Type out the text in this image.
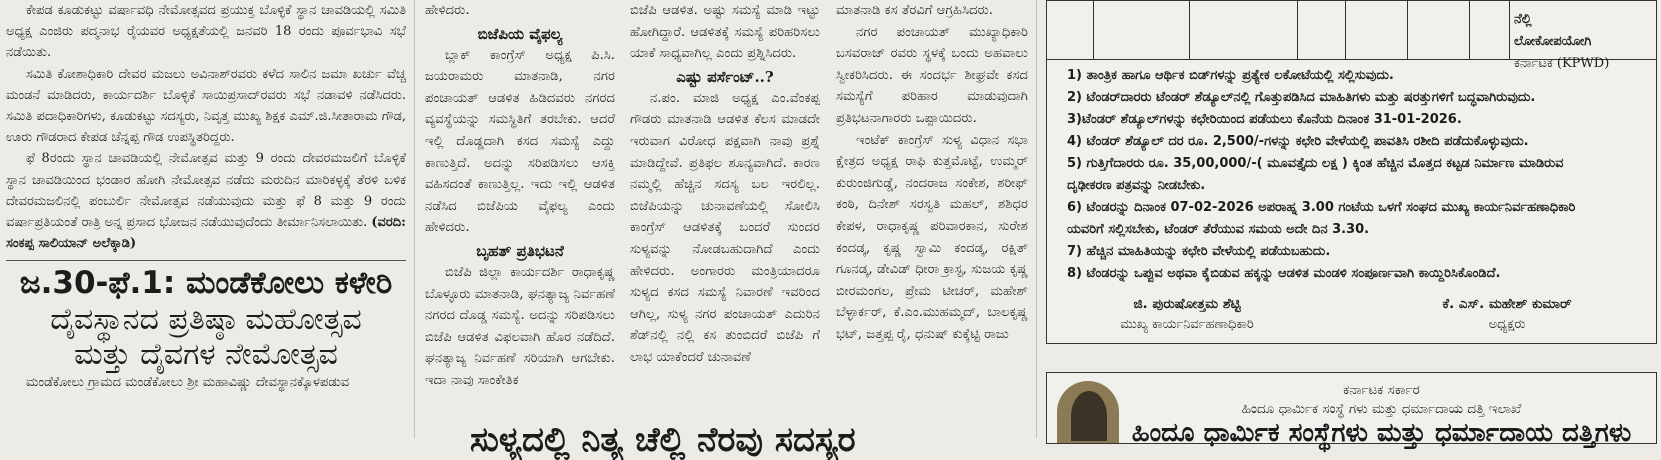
ಕೇಪಡ ಕೂಡುಕಟ್ಟು ವರ್ಷಾವಧಿ ನೇಮೋತ್ಸವದ ಪ್ರಯುಕ್ತ ಬೊಳ್ಳಿಕೆ ಸ್ಥಾನ ಚಾವಡಿಯಲ್ಲಿ ಸಮಿತಿ ಅಧ್ಯಕ್ಷ ಎಂಜಿರು ಪದ್ಮನಾಭ ರೈಯವರ ಅಧ್ಯಕ್ಷತೆಯಲ್ಲಿ ಜನವರಿ 18 ರಂದು ಪೂರ್ವಭಾವಿ ಸಭೆ ನಡೆಯಿತು.

ಸಮಿತಿ ಕೋಶಾಧಿಕಾರಿ ದೇವರ ಮಜಲು ಅವಿನಾಶ್‌ರವರು ಕಳೆದ ಸಾಲಿನ ಜಮಾ ಖರ್ಚು ವೆಚ್ಚ ಮಂಡನೆ ಮಾಡಿದರು, ಕಾರ್ಯದರ್ಶಿ ಬೊಳ್ಳಿಕೆ ಸಾಯಿಪ್ರಸಾದ್‌ರವರು ಸಭೆ ನಡಾವಳಿ ನಡೆಸಿದರು. ಸಮಿತಿ ಪದಾಧಿಕಾರಿಗಳು, ಕೂಡುಕಟ್ಟು ಸದಸ್ಯರು, ನಿವೃತ್ತ ಮುಖ್ಯ ಶಿಕ್ಷಕ ಎಮ್.ಜಿ.ಸೀತಾರಾಮ ಗೌಡ, ಊರು ಗೌಡರಾದ ಕೇಪಡ ಚೆನ್ನಪ್ಪ ಗೌಡ ಉಪಸ್ಥಿತರಿದ್ದರು.

ಫೆ 8ರಂದು ಸ್ಥಾನ ಚಾವಡಿಯಲ್ಲಿ ನೇಮೋತ್ಸವ ಮತ್ತು 9 ರಂದು ದೇವರಮಜಲಿಗೆ ಬೊಳ್ಳಿಕೆ ಸ್ಥಾನ ಚಾವಡಿಯಿಂದ ಭಂಡಾರ ಹೋಗಿ ನೇಮೋತ್ಸವ ನಡೆದು ಮರುದಿನ ಮಾರಿಕಳ್ಳಕ್ಕೆ ತೆರಳಿ ಬಳಿಕ ದೇವರಮಜಲಿನಲ್ಲಿ ಪಂಬುರ್ಲಿ ನೇಮೋತ್ಸವ ನಡೆಯುವುದು ಮತ್ತು ಫೆ 8 ಮತ್ತು 9 ರಂದು ವರ್ಷಾಪ್ರತಿಯಂತೆ ರಾತ್ರಿ ಅನ್ನ ಪ್ರಸಾದ ಭೋಜನ ನಡೆಯುವುದೆಂದು ತೀರ್ಮಾನಿಸಲಾಯಿತು. (ವರದಿ: ಸಂಕಪ್ಪ ಸಾಲಿಯಾನ್ ಅಲೆಕ್ಕಾಡಿ)

ಜ.30-ಫೆ.1: ಮಂಡೆಕೋಲು ಕಳೇರಿ

ದೈವಸ್ಥಾನದ ಪ್ರತಿಷ್ಠಾ ಮಹೋತ್ಸವ

ಮತ್ತು ದೈವಗಳ ನೇಮೋತ್ಸವ

ಮಂಡೆಕೋಲು ಗ್ರಾಮದ ಮಂಡೆಕೋಲು ಶ್ರೀ ಮಹಾವಿಷ್ಣು ದೇವಸ್ಥಾನಕ್ಕೊಳಪಡುವ

ಹೇಳಿದರು.

ಬಿಜೆಪಿಯ ವೈಫಲ್ಯ

ಬ್ಲಾಕ್ ಕಾಂಗ್ರೆಸ್ ಅಧ್ಯಕ್ಷ ಪಿ.ಸಿ. ಜಯರಾಮರು ಮಾತನಾಡಿ, ನಗರ ಪಂಚಾಯತ್ ಆಡಳಿತ ಹಿಡಿದವರು ನಗರದ ವ್ಯವಸ್ಥೆಯನ್ನು ಸಮಸ್ಥಿತಿಗೆ ತರಬೇಕು. ಆದರೆ ಇಲ್ಲಿ ದೊಡ್ಡದಾಗಿ ಕಸದ ಸಮಸ್ಯೆ ಎದ್ದು ಕಾಣುತ್ತಿದೆ. ಅದನ್ನು ಸರಿಪಡಿಸಲು ಆಸಕ್ತಿ ವಹಿಸದಂತೆ ಕಾಣುತ್ತಿಲ್ಲ. ಇದು ಇಲ್ಲಿ ಆಡಳಿತ ನಡೆಸಿದ ಬಿಜೆಪಿಯ ವೈಫಲ್ಯ ಎಂದು ಹೇಳಿದರು.

ಬೃಹತ್ ಪ್ರತಿಭಟನೆ

ಬಿಜೆಪಿ ಜಿಲ್ಲಾ ಕಾರ್ಯದರ್ಶಿ ರಾಧಾಕೃಷ್ಣ ಬೊಳ್ಳೂರು ಮಾತನಾಡಿ, ಘನತ್ಯಾಜ್ಯ ನಿರ್ವಹಣೆ ನಗರದ ದೊಡ್ಡ ಸಮಸ್ಯೆ. ಅದನ್ನು ಸರಿಪಡಿಸಲು ಬಿಜೆಪಿ ಆಡಳಿತ ವಿಫಲವಾಗಿ ಹೊರ ನಡೆದಿದೆ. ಘನತ್ಯಾಜ್ಯ ನಿರ್ವಹಣೆ ಸರಿಯಾಗಿ ಆಗಬೇಕು. ಇದಾ ನಾವು ಸಾಂಕೇತಿಕ

ಬಿಜೆಪಿ ಆಡಳಿತ. ಅಷ್ಟು ಸಮಸ್ಯೆ ಮಾಡಿ ಇಟ್ಟು ಹೋಗಿದ್ದಾರೆ. ಆಡಳಿತಕ್ಕೆ ಸಮಸ್ಯೆ ಪರಿಹರಿಸಲು ಯಾಕೆ ಸಾಧ್ಯವಾಗಿಲ್ಲ ಎಂದು ಪ್ರಶ್ನಿಸಿದರು.

ಎಷ್ಟು ಪರ್ಸೆಂಟ್..?

ನ.ಪಂ. ಮಾಜಿ ಅಧ್ಯಕ್ಷ ಎಂ.ವೆಂಕಪ್ಪ ಗೌಡರು ಮಾತನಾಡಿ ಆಡಳಿತ ಕೆಲಸ ಮಾಡದೇ ಇರುವಾಗ ವಿರೋಧ ಪಕ್ಷವಾಗಿ ನಾವು ಪ್ರಶ್ನೆ ಮಾಡಿದ್ದೇವೆ. ಪ್ರತಿಫಲ ಶೂನ್ಯವಾಗಿದೆ. ಕಾರಣ ನಮ್ಮಲ್ಲಿ ಹೆಚ್ಚಿನ ಸದಸ್ಯ ಬಲ ಇರಲಿಲ್ಲ. ಬಿಜೆಪಿಯನ್ನು ಚುನಾವಣೆಯಲ್ಲಿ ಸೋಲಿಸಿ ಕಾಂಗ್ರೆಸ್ ಆಡಳಿತಕ್ಕೆ ಬಂದರೆ ಸುಂದರ ಸುಳ್ಯವನ್ನು ನೋಡಬಹುದಾಗಿದೆ ಎಂದು ಹೇಳಿದರು. ಅಂಗಾರರು ಮಂತ್ರಿಯಾದರೂ ಸುಳ್ಯದ ಕಸದ ಸಮಸ್ಯೆ ನಿವಾರಣೆ ಇವರಿಂದ ಆಗಿಲ್ಲ, ಸುಳ್ಯ ನಗರ ಪಂಚಾಯತ್ ಎದುರಿನ ಶೆಡ್‌ನಲ್ಲಿ ನಲ್ಲಿ ಕಸ ತುಂಬಿದರೆ ಬಿಜೆಪಿ ಗೆ ಲಾಭ ಯಾಕೆಂದರೆ ಚುನಾವಣೆ

ಮಾತನಾಡಿ ಕಸ ತೆರವಿಗೆ ಆಗ್ರಹಿಸಿದರು.

ನಗರ ಪಂಚಾಯತ್ ಮುಖ್ಯಾಧಿಕಾರಿ ಬಸವರಾಜ್ ರವರು ಸ್ಥಳಕ್ಕೆ ಬಂದು ಅಹವಾಲು ಸ್ವೀಕರಿಸಿದರು. ಈ ಸಂದರ್ಭ ಶೀಘ್ರವೇ ಕಸದ ಸಮಸ್ಯೆಗೆ ಪರಿಹಾರ ಮಾಡುವುದಾಗಿ ಪ್ರತಿಭಟನಾಗಾರರು ಒಪ್ಪಾಯಿದರು.

ಇಂಟೆಕ್ ಕಾಂಗ್ರೆಸ್ ಸುಳ್ಯ ವಿಧಾನ ಸಭಾ ಕ್ಷೇತ್ರದ ಅಧ್ಯಕ್ಷ ರಾಫಿ ಕುತ್ತಮೊಟ್ಟೆ, ಉಮ್ಮರ್ ಕುರುಂಜಿಗುಡ್ಡೆ, ನಂದರಾಜ ಸಂಕೇಶ, ಶರೀಫ್ ಕಂಠಿ, ದಿನೇಶ್ ಸರಸ್ವತಿ ಮಹಲ್, ಶಶಿಧರ ಕೇಪಳ, ರಾಧಾಕೃಷ್ಣ ಪರಿವಾರಕಾನ, ಸುರೇಶ ಕಂದಡ್ಕ, ಕೃಷ್ಣ ಸ್ವಾಮಿ ಕಂದಡ್ಕ, ರಕ್ಷಿತ್ ಗೂನಡ್ಕ, ಡೇವಿಡ್ ಧೀರಾ ಕ್ರಾಸ್ಟ, ಸುಜಯ ಕೃಷ್ಣ ಬೀರಮಂಗಲ, ಪ್ರೇಮ ಟೀಚರ್, ಮಹೇಶ್ ಬೆಳ್ಳಾರ್ಕರ್, ಕೆ.ಎಂ.ಮುಹಮ್ಮದ್, ಬಾಲಕೃಷ್ಣ ಭಟ್, ಜತ್ತಪ್ಪ ರೈ, ಧನುಷ್ ಕುಕ್ಕೆಟ್ಟಿ ರಾಜು

ಸುಳ್ಯದಲ್ಲಿ ನಿತ್ಯ ಚೆಲ್ಲಿ ನೆರವು ಸದಸ್ಯರ
ನೆಲ್ಲಿ
ಲೋಕೋಪಯೋಗಿ
ಕರ್ನಾಟಕ (KPWD)

1) ತಾಂತ್ರಿಕ ಹಾಗೂ ಆರ್ಥಿಕ ಬಿಡ್‌ಗಳನ್ನು ಪ್ರತ್ಯೇಕ ಲಕೋಟೆಯಲ್ಲಿ ಸಲ್ಲಿಸುವುದು.

2) ಟೆಂಡರ್‌ದಾರರು ಟೆಂಡರ್ ಶೆಡ್ಯೂಲ್‌ನಲ್ಲಿ ಗೊತ್ತುಪಡಿಸಿದ ಮಾಹಿತಿಗಳು ಮತ್ತು ಷರತ್ತುಗಳಿಗೆ ಬದ್ಧವಾಗಿರುವುದು.

3)ಟೆಂಡರ್ ಶೆಡ್ಯೂಲ್‌ಗಳನ್ನು ಕಛೇರಿಯಿಂದ ಪಡೆಯಲು ಕೊನೆಯ ದಿನಾಂಕ 31-01-2026.

4) ಟೆಂಡರ್ ಶೆಡ್ಯೂಲ್ ದರ ರೂ. 2,500/-ಗಳನ್ನು ಕಛೇರಿ ವೇಳೆಯಲ್ಲಿ ಪಾವತಿಸಿ ರಶೀದಿ ಪಡೆದುಕೊಳ್ಳುವುದು.

5) ಗುತ್ತಿಗೆದಾರರು ರೂ. 35,00,000/-( ಮೂವತ್ತೈದು ಲಕ್ಷ ) ಕ್ಕಿಂತ ಹೆಚ್ಚಿನ ಮೊತ್ತದ ಕಟ್ಟಡ ನಿರ್ಮಾಣ ಮಾಡಿರುವ

ದೃಢೀಕರಣ ಪತ್ರವನ್ನು ನೀಡಬೇಕು.

6) ಟೆಂಡರನ್ನು ದಿನಾಂಕ 07-02-2026 ಅಪರಾಹ್ನ 3.00 ಗಂಟೆಯ ಒಳಗೆ ಸಂಘದ ಮುಖ್ಯ ಕಾರ್ಯನಿರ್ವಹಣಾಧಿಕಾರಿ

ಯವರಿಗೆ ಸಲ್ಲಿಸಬೇಕು, ಟೆಂಡರ್ ತೆರೆಯುವ ಸಮಯ ಅದೇ ದಿನ 3.30.

7) ಹೆಚ್ಚಿನ ಮಾಹಿತಿಯನ್ನು ಕಛೇರಿ ವೇಳೆಯಲ್ಲಿ ಪಡೆಯಬಹುದು.

8) ಟೆಂಡರನ್ನು ಒಪ್ಪುವ ಅಥವಾ ಕೈಬಿಡುವ ಹಕ್ಕನ್ನು ಆಡಳಿತ ಮಂಡಳಿ ಸಂಪೂರ್ಣವಾಗಿ ಕಾಯ್ದಿರಿಸಿಕೊಂಡಿದೆ.

ಜಿ. ಪುರುಷೋತ್ತಮ ಶೆಟ್ಟಿ
ಮುಖ್ಯ ಕಾರ್ಯನಿರ್ವಹಣಾಧಿಕಾರಿ
ಕೆ. ಎಸ್. ಮಹೇಶ್ ಕುಮಾರ್
ಅಧ್ಯಕ್ಷರು
ಕರ್ನಾಟಕ ಸರ್ಕಾರ
ಹಿಂದೂ ಧಾರ್ಮಿಕ ಸಂಸ್ಥೆ ಗಳು ಮತ್ತು ಧರ್ಮಾದಾಯ ದತ್ತಿ ಇಲಾಖೆ
ಹಿಂದೂ ಧಾರ್ಮಿಕ ಸಂಸ್ಥೆಗಳು ಮತ್ತು ಧರ್ಮಾದಾಯ ದತ್ತಿಗಳು
